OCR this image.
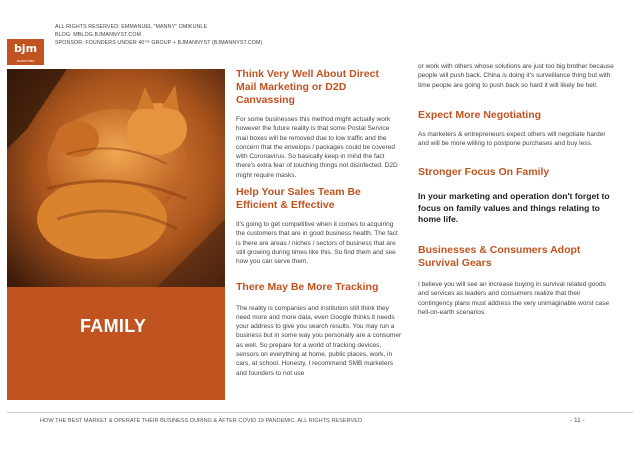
bjm
MARKETING
ALL RIGHTS RESERVED: EMMANUEL "MANNY" OMIKUNLE
BLOG: MBLOG.BJMANNYST.COM
SPONSOR: FOUNDERS UNDER 40™ GROUP + BJMANNYST (BJMANNYST.COM)
FAMILY
Think Very Well About Direct Mail Marketing or D2D Canvassing

For some businesses this method might actually work however the future reality is that some Postal Service mail boxes will be removed due to low traffic and the concern that the envelops / packages could be covered with Coronavirus. So basically keep in mind the fact there's extra fear of touching things not disinfected. D2D might require masks.

Help Your Sales Team Be Efficient & Effective

It's going to get competitive when it comes to acquiring the customers that are in good business health. The fact is there are areas / niches / sectors of business that are still growing during times like this. So find them and see how you can serve them.

There May Be More Tracking

The reality is companies and institution still think they need more and more data, even Google thinks it needs your address to give you search results. You may run a business but in some way you personally are a consumer as well. So prepare for a world of tracking devices, sensors on everything at home, public places, work, in cars, at school. Honesty, I recommend SMB marketers and founders to not use

or work with others whose solutions are just too big brother because people will push back. China is doing it's surveillance thing but with time people are going to push back so hard it will likely be hell.

Expect More Negotiating

As marketers & entrepreneurs expect others will negotiate harder and will be more willing to postpone purchases and buy less.

Stronger Focus On Family

In your marketing and operation don't forget to focus on family values and things relating to home life.

Businesses & Consumers Adopt Survival Gears

I believe you will see an increase buying in survival related goods and services as leaders and consumers realize that their contingency plans must address the very unimaginable worst case hell-on-earth scenarios.

HOW THE BEST MARKET & OPERATE THEIR BUSINESS DURING & AFTER COVID 19 PANDEMIC. ALL RIGHTS RESERVED	- 11 -
